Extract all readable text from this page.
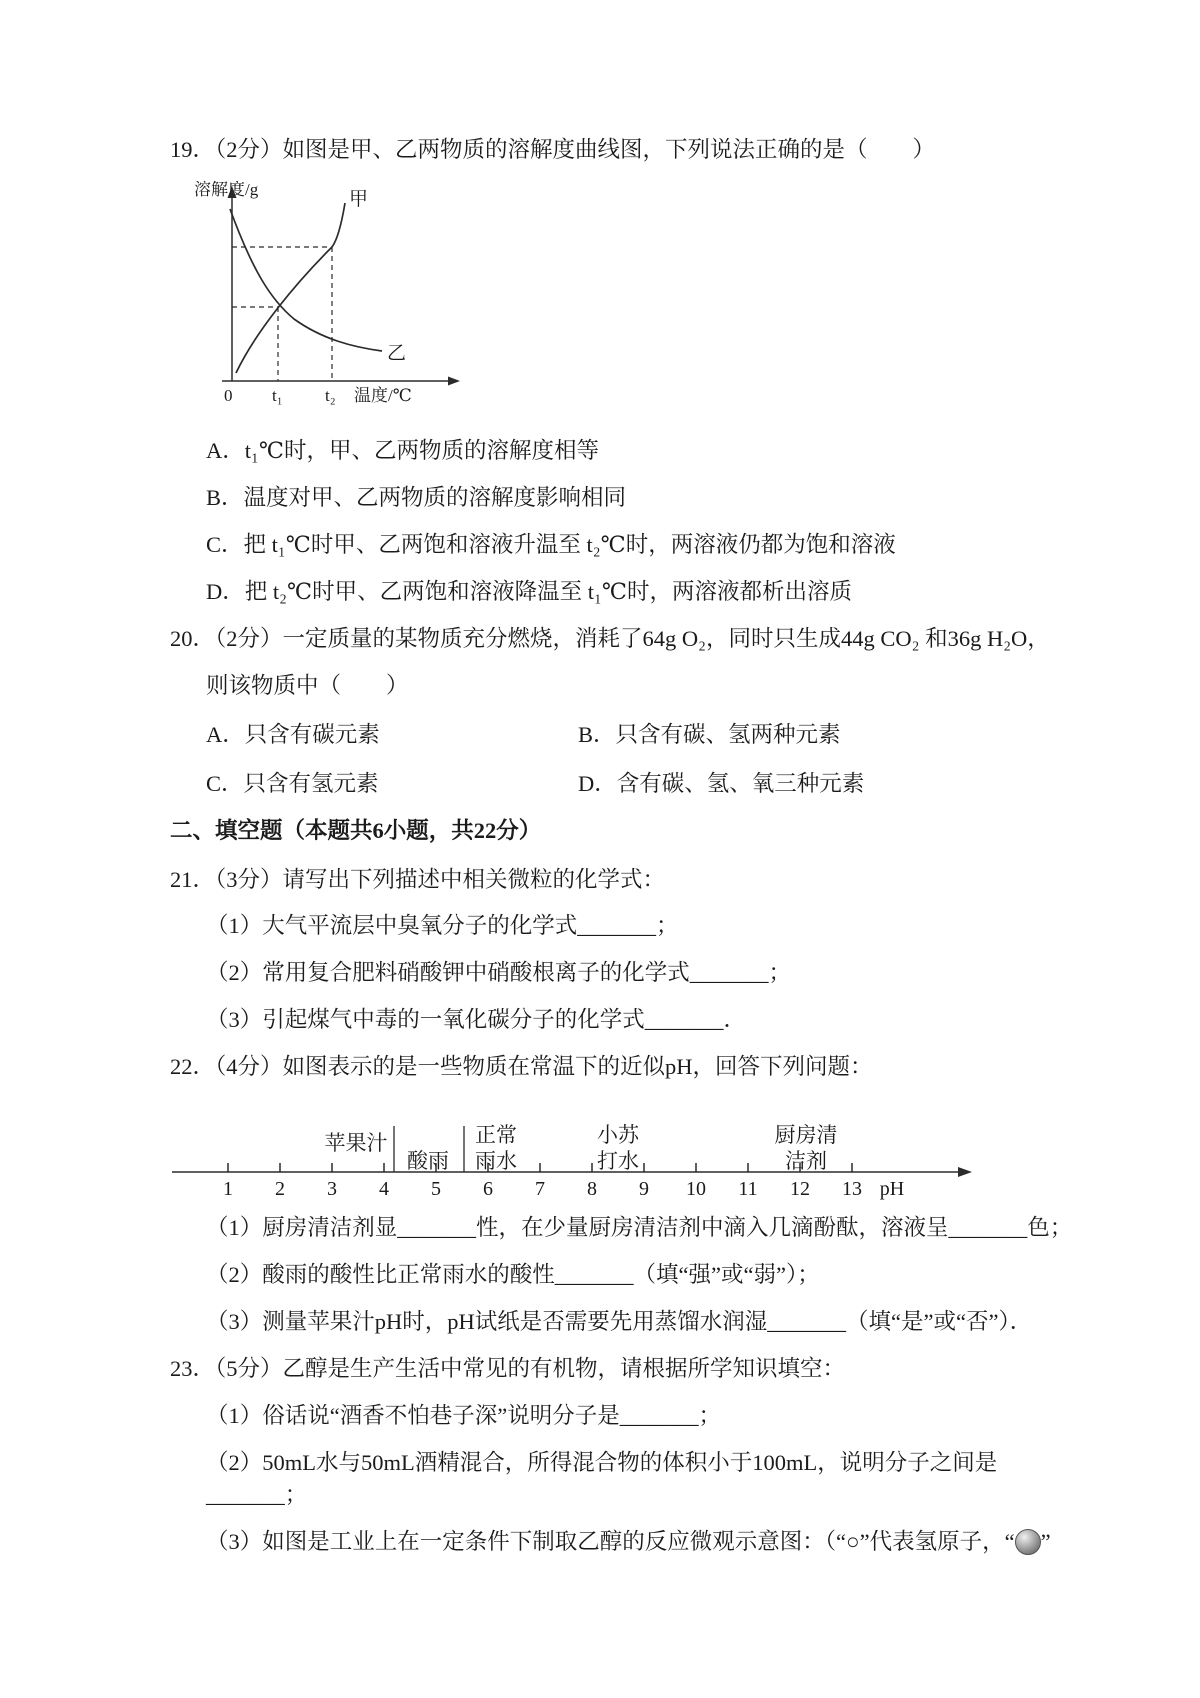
19．（2分）如图是甲、乙两物质的溶解度曲线图，下列说法正确的是（　　）

溶解度/g	甲
乙
0 t₁ t₂ 温度/℃

A．t₁℃时，甲、乙两物质的溶解度相等

B．温度对甲、乙两物质的溶解度影响相同

C．把 t₁℃时甲、乙两饱和溶液升温至 t₂℃时，两溶液仍都为饱和溶液

D．把 t₂℃时甲、乙两饱和溶液降温至 t₁℃时，两溶液都析出溶质

20．（2分）一定质量的某物质充分燃烧，消耗了64g O₂，同时只生成44g CO₂ 和36g H₂O，

则该物质中（　　）

A．只含有碳元素	B．只含有碳、氢两种元素

C．只含有氢元素	D．含有碳、氢、氧三种元素

二、填空题（本题共6小题，共22分）

21．（3分）请写出下列描述中相关微粒的化学式：

（1）大气平流层中臭氧分子的化学式_______；

（2）常用复合肥料硝酸钾中硝酸根离子的化学式_______；

（3）引起煤气中毒的一氧化碳分子的化学式_______．

22．（4分）如图表示的是一些物质在常温下的近似pH，回答下列问题：

苹果汁
酸雨
正常
雨水
小苏
打水
厨房清
洁剂
1 2 3 4 5 6 7 8 9 10 11 12 13 pH

（1）厨房清洁剂显_______性，在少量厨房清洁剂中滴入几滴酚酞，溶液呈_______色；

（2）酸雨的酸性比正常雨水的酸性_______（填“强”或“弱”）；

（3）测量苹果汁pH时，pH试纸是否需要先用蒸馏水润湿_______（填“是”或“否”）．

23．（5分）乙醇是生产生活中常见的有机物，请根据所学知识填空：

（1）俗话说“酒香不怕巷子深”说明分子是_______；

（2）50mL水与50mL酒精混合，所得混合物的体积小于100mL，说明分子之间是_______；

（3）如图是工业上在一定条件下制取乙醇的反应微观示意图：（“○”代表氢原子，“ ”
